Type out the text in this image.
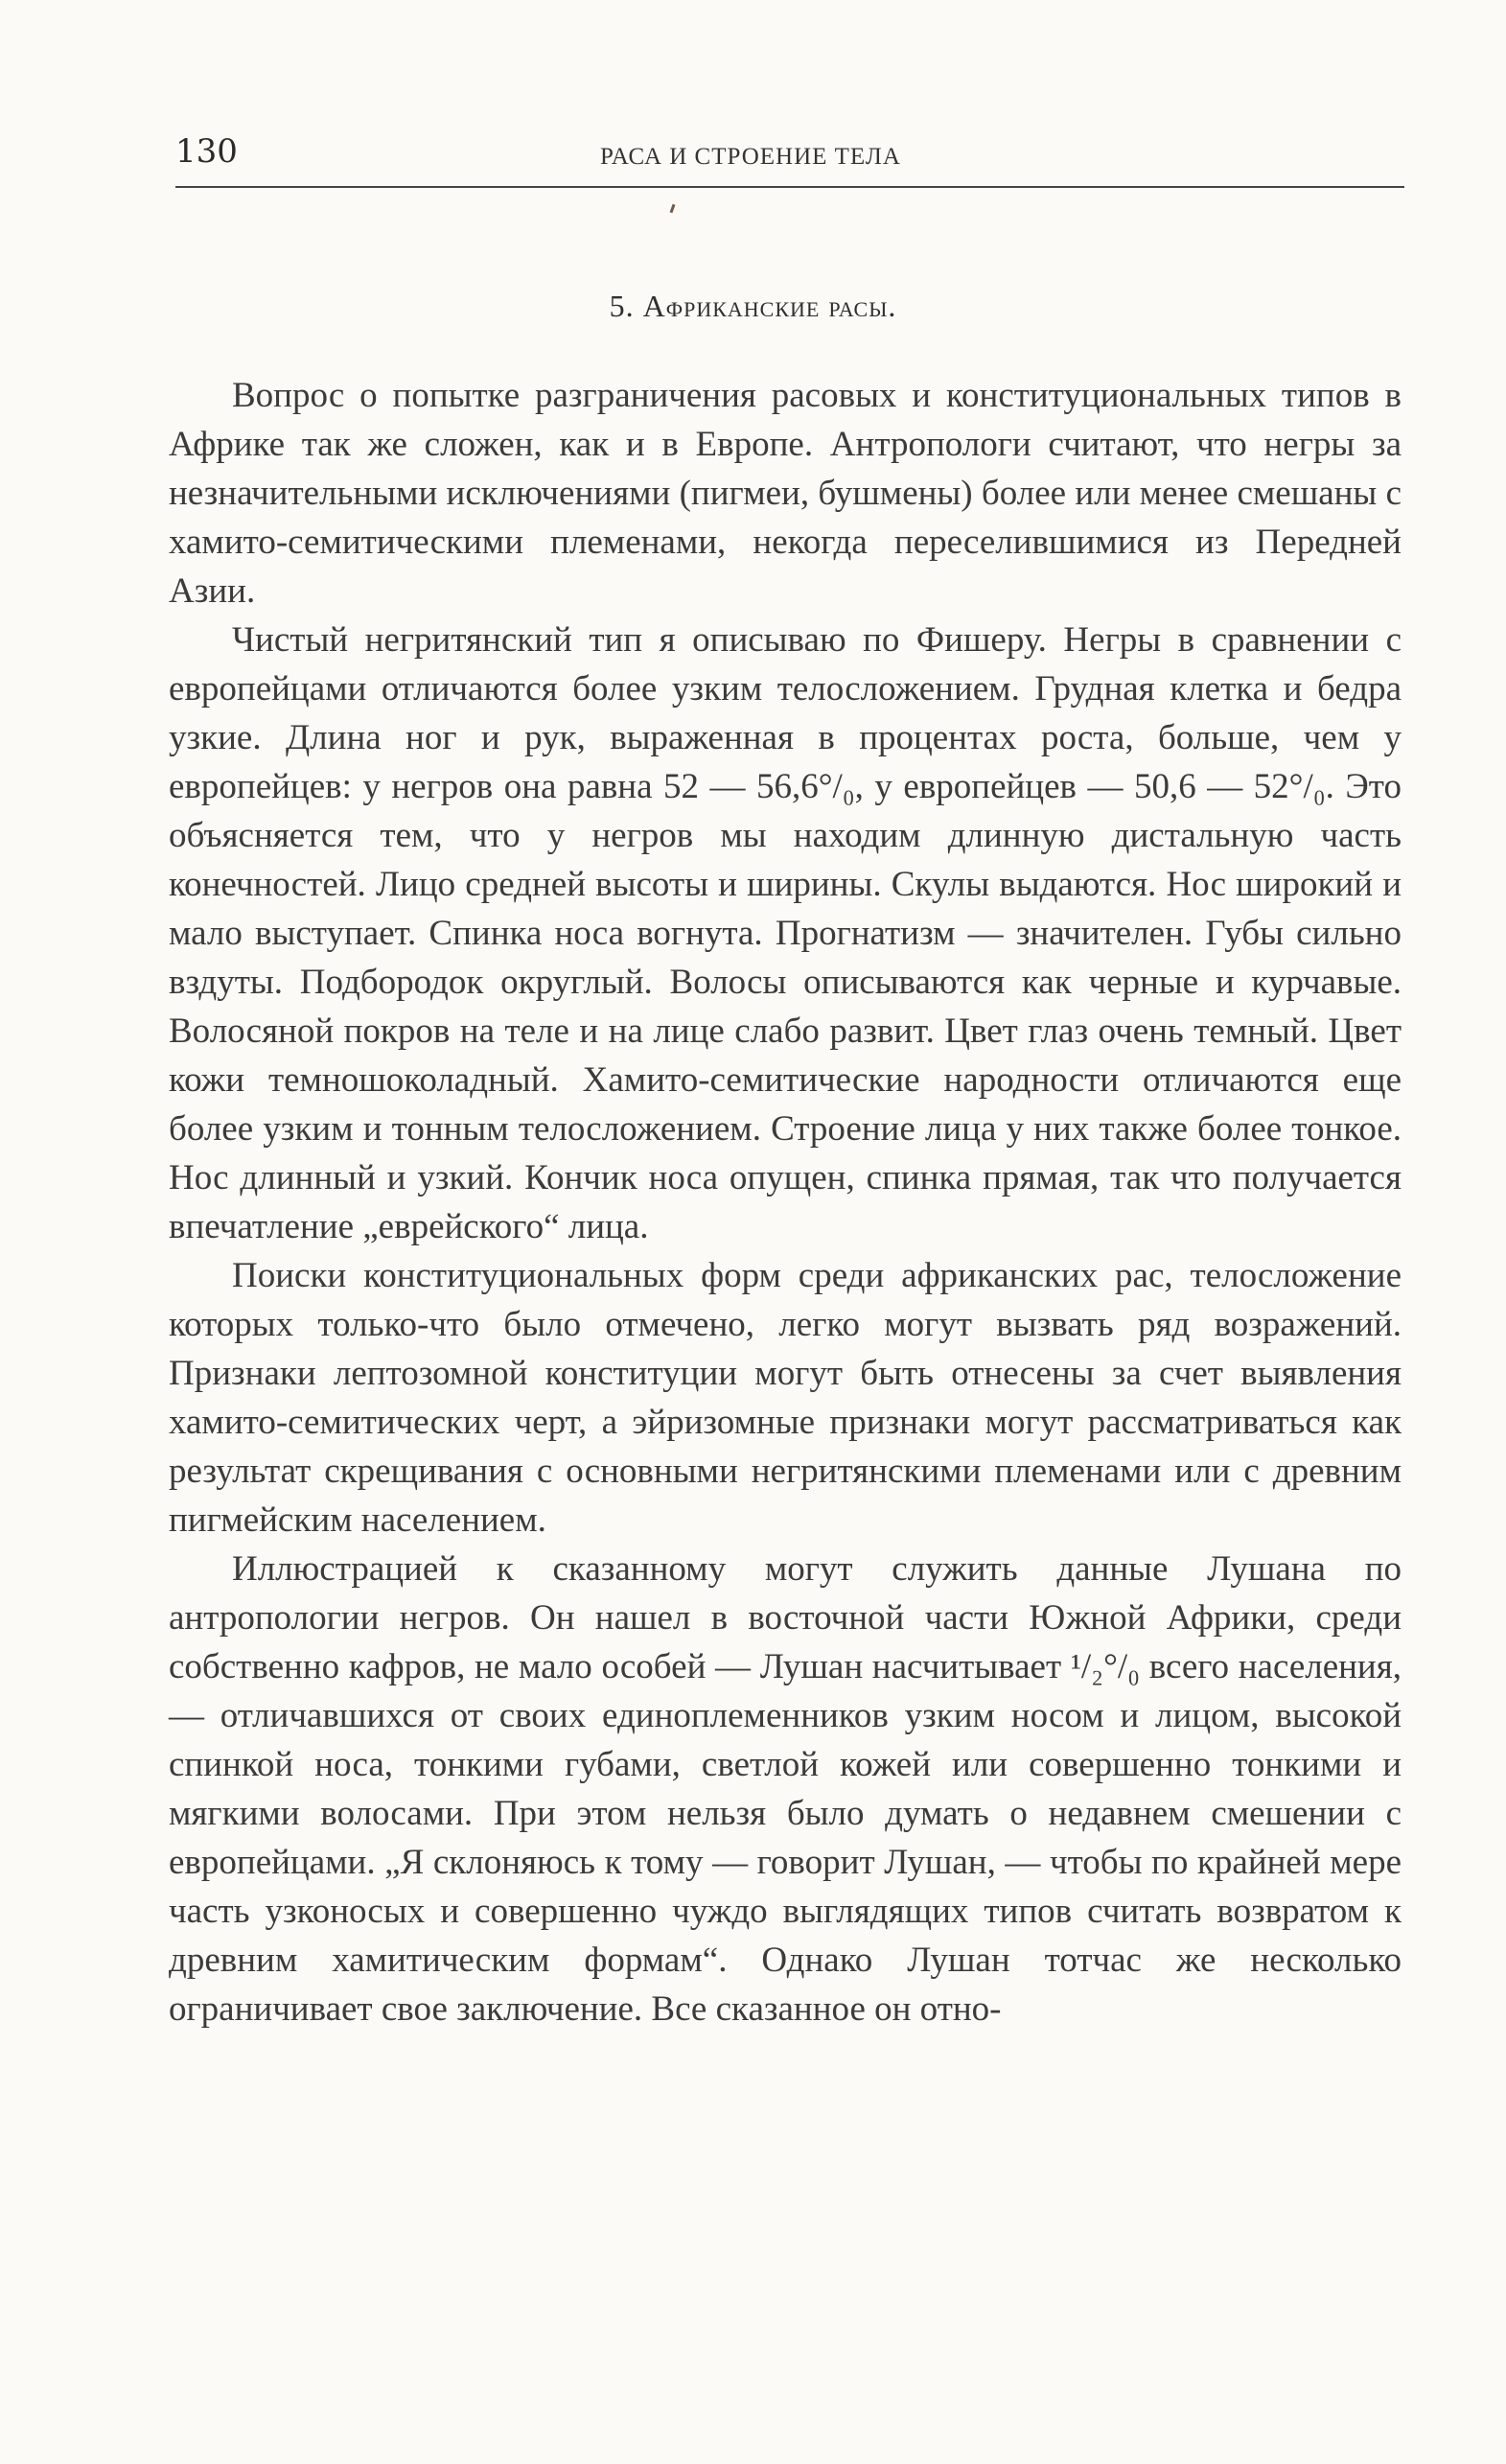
130	РАСА И СТРОЕНИЕ ТЕЛА
5. Африканские расы.

Вопрос о попытке разграничения расовых и конституциональных типов в Африке так же сложен, как и в Европе. Антропологи считают, что негры за незначительными исключениями (пигмеи, бушмены) более или менее смешаны с хамито-семитическими племенами, некогда переселившимися из Передней Азии.

Чистый негритянский тип я описываю по Фишеру. Негры в сравнении с европейцами отличаются более узким телосложением. Грудная клетка и бедра узкие. Длина ног и рук, выраженная в процентах роста, больше, чем у европейцев: у негров она равна 52 — 56,6°/₀, у европейцев — 50,6 — 52°/₀. Это объясняется тем, что у негров мы находим длинную дистальную часть конечностей. Лицо средней высоты и ширины. Скулы выдаются. Нос широкий и мало выступает. Спинка носа вогнута. Прогнатизм — значителен. Губы сильно вздуты. Подбородок округлый. Волосы описываются как черные и курчавые. Волосяной покров на теле и на лице слабо развит. Цвет глаз очень темный. Цвет кожи темношоколадный. Хамито-семитические народности отличаются еще более узким и тонным телосложением. Строение лица у них также более тонкое. Нос длинный и узкий. Кончик носа опущен, спинка прямая, так что получается впечатление „еврейского“ лица.

Поиски конституциональных форм среди африканских рас, телосложение которых только-что было отмечено, легко могут вызвать ряд возражений. Признаки лептозомной конституции могут быть отнесены за счет выявления хамито-семитических черт, а эйризомные признаки могут рассматриваться как результат скрещивания с основными негритянскими племенами или с древним пигмейским населением.

Иллюстрацией к сказанному могут служить данные Лушана по антропологии негров. Он нашел в восточной части Южной Африки, среди собственно кафров, не мало особей — Лушан насчитывает ¹/₂°/₀ всего населения, — отличавшихся от своих единоплеменников узким носом и лицом, высокой спинкой носа, тонкими губами, светлой кожей или совершенно тонкими и мягкими волосами. При этом нельзя было думать о недавнем смешении с европейцами. „Я склоняюсь к тому — говорит Лушан, — чтобы по крайней мере часть узконосых и совершенно чуждо выглядящих типов считать возвратом к древним хамитическим формам“. Однако Лушан тотчас же несколько ограничивает свое заключение. Все сказанное он отно-
